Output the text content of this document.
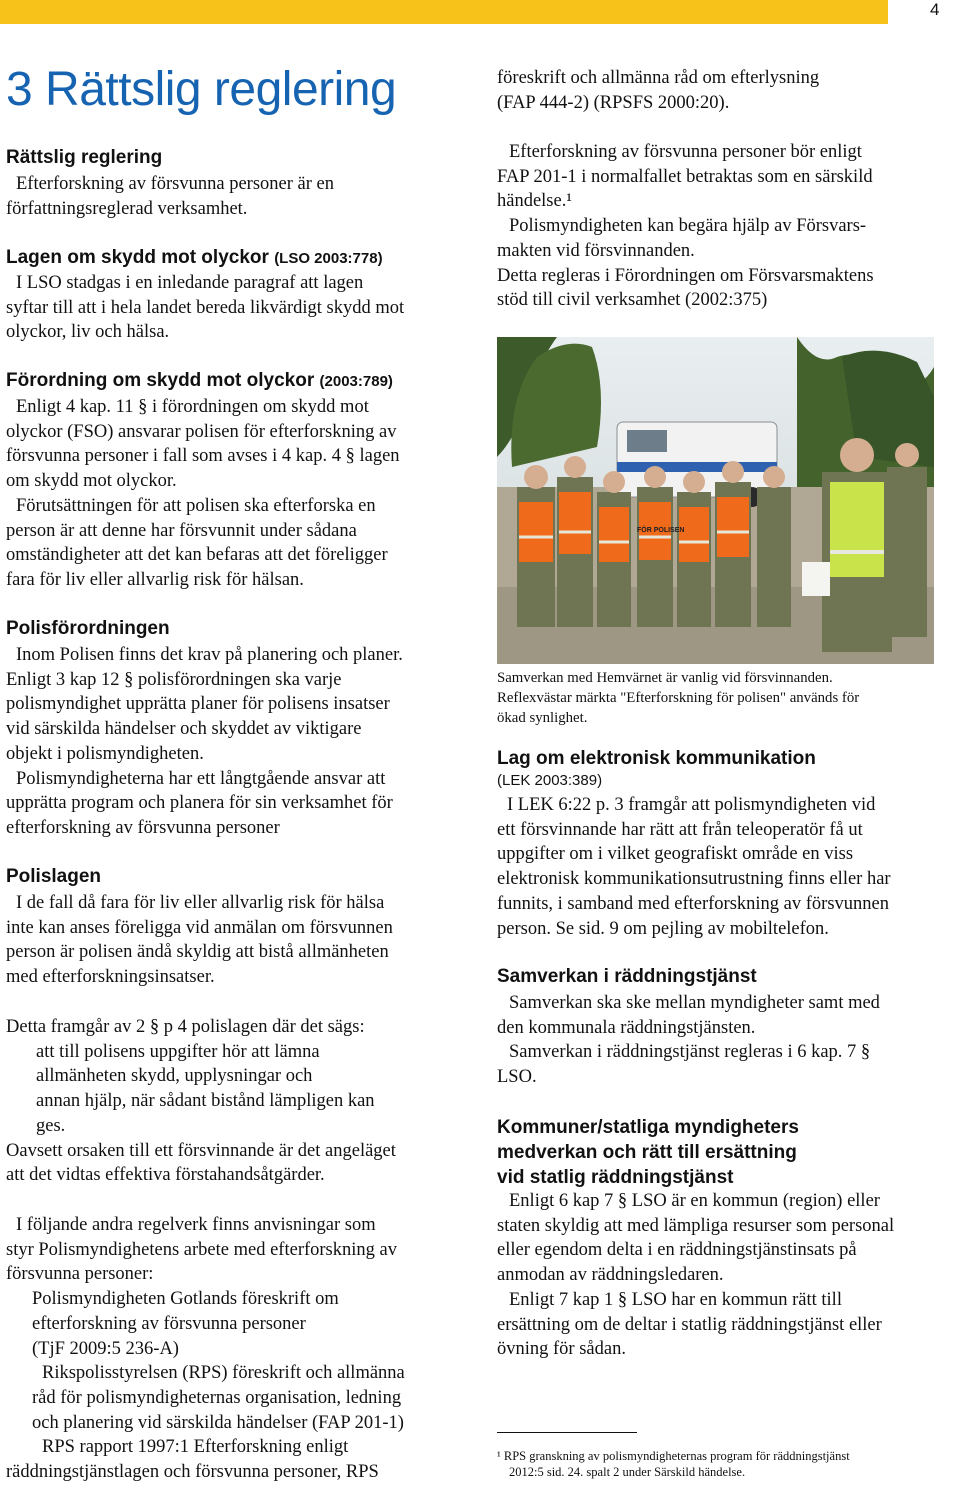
4
3 Rättslig reglering
Rättslig reglering
Efterforskning av försvunna personer är en
författningsreglerad verksamhet.
Lagen om skydd mot olyckor (LSO 2003:778)
I LSO stadgas i en inledande paragraf att lagen
syftar till att i hela landet bereda likvärdigt skydd mot
olyckor, liv och hälsa.
Förordning om skydd mot olyckor (2003:789)
Enligt 4 kap. 11 § i förordningen om skydd mot
olyckor (FSO) ansvarar polisen för efterforskning av
försvunna personer i fall som avses i 4 kap. 4 § lagen
om skydd mot olyckor.
Förutsättningen för att polisen ska efterforska en
person är att denne har försvunnit under sådana
omständigheter att det kan befaras att det föreligger
fara för liv eller allvarlig risk för hälsan.
Polisförordningen
Inom Polisen finns det krav på planering och planer.
Enligt 3 kap 12 § polisförordningen ska varje
polismyndighet upprätta planer för polisens insatser
vid särskilda händelser och skyddet av viktigare
objekt i polismyndigheten.
Polismyndigheterna har ett långtgående ansvar att
upprätta program och planera för sin verksamhet för
efterforskning av försvunna personer
Polislagen
I de fall då fara för liv eller allvarlig risk för hälsa
inte kan anses föreligga vid anmälan om försvunnen
person är polisen ändå skyldig att bistå allmänheten
med efterforskningsinsatser.
Detta framgår av 2 § p 4 polislagen där det sägs:
att till polisens uppgifter hör att lämna
allmänheten skydd, upplysningar och
annan hjälp, när sådant bistånd lämpligen kan
ges.
Oavsett orsaken till ett försvinnande är det angeläget
att det vidtas effektiva förstahandsåtgärder.
I följande andra regelverk finns anvisningar som
styr Polismyndighetens arbete med efterforskning av
försvunna personer:
Polismyndigheten Gotlands föreskrift om
efterforskning av försvunna personer
(TjF 2009:5 236-A)
Rikspolisstyrelsen (RPS) föreskrift och allmänna
råd för polismyndigheternas organisation, ledning
och planering vid särskilda händelser (FAP 201-1)
RPS rapport 1997:1 Efterforskning enligt
räddningstjänstlagen och försvunna personer, RPS
föreskrift och allmänna råd om efterlysning
(FAP 444-2) (RPSFS 2000:20).
Efterforskning av försvunna personer bör enligt
FAP 201-1 i normalfallet betraktas som en särskild
händelse.¹
Polismyndigheten kan begära hjälp av Försvars-
makten vid försvinnanden.
Detta regleras i Förordningen om Försvarsmaktens
stöd till civil verksamhet (2002:375)
FÖR POLISEN
Samverkan med Hemvärnet är vanlig vid försvinnanden.
Reflexvästar märkta "Efterforskning för polisen" används för
ökad synlighet.
Lag om elektronisk kommunikation
(LEK 2003:389)
I LEK 6:22 p. 3 framgår att polismyndigheten vid
ett försvinnande har rätt att från teleoperatör få ut
uppgifter om i vilket geografiskt område en viss
elektronisk kommunikationsutrustning finns eller har
funnits, i samband med efterforskning av försvunnen
person. Se sid. 9 om pejling av mobiltelefon.
Samverkan i räddningstjänst
Samverkan ska ske mellan myndigheter samt med
den kommunala räddningstjänsten.
Samverkan i räddningstjänst regleras i 6 kap. 7 §
LSO.
Kommuner/statliga myndigheters
medverkan och rätt till ersättning
vid statlig räddningstjänst
Enligt 6 kap 7 § LSO är en kommun (region) eller
staten skyldig att med lämpliga resurser som personal
eller egendom delta i en räddningstjänstinsats på
anmodan av räddningsledaren.
Enligt 7 kap 1 § LSO har en kommun rätt till
ersättning om de deltar i statlig räddningstjänst eller
övning för sådan.
¹ RPS granskning av polismyndigheternas program för räddningstjänst
2012:5 sid. 24. spalt 2 under Särskild händelse.
